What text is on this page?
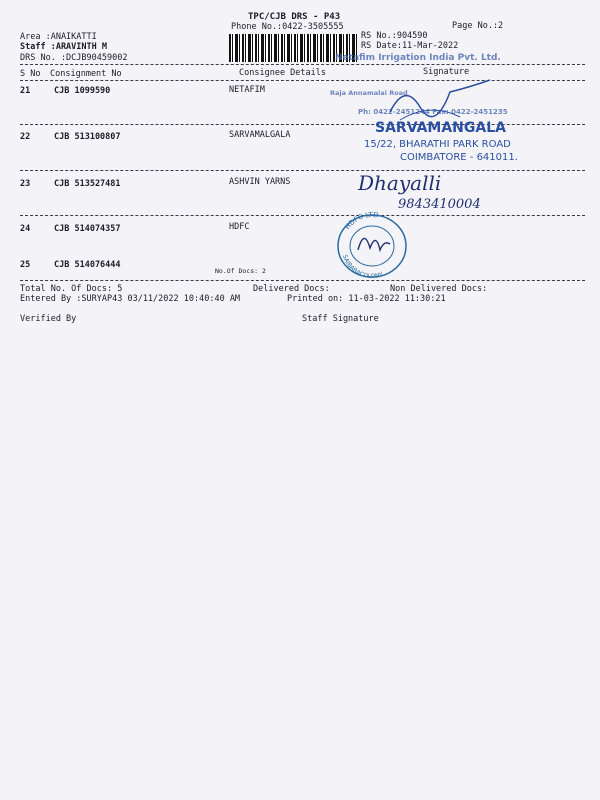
TPC/CJB DRS - P43
Phone No.:0422-3505555	Page No.:2
Area :ANAIKATTI
Staff :ARAVINTH M
DRS No. :DCJB90459002
RS No.:904590
RS Date:11-Mar-2022
S No Consignment No	Consignee Details	Signature
21	CJB 1099590	NETAFIM
22	CJB 513100807	SARVAMALGALA
23	CJB 513527481	ASHVIN YARNS
24	CJB 514074357	HDFC
25	CJB 514076444
No.Of Docs: 2
Total No. Of Docs: 5	Delivered Docs:	Non Delivered Docs:
Entered By :SURYAP43 03/11/2022 10:40:40 AM	Printed on: 11-03-2022 11:30:21
Verified By	Staff Signature
Netafim Irrigation India Pvt. Ltd.
Raja Annamalai Road
Ph: 0422-2451244 Fax: 0422-2451235
SARVAMANGALA
15/22, BHARATHI PARK ROAD
COIMBATORE - 641011.
Dhayalli
9843410004
HDFC LTD
SAIBABACOLONY
